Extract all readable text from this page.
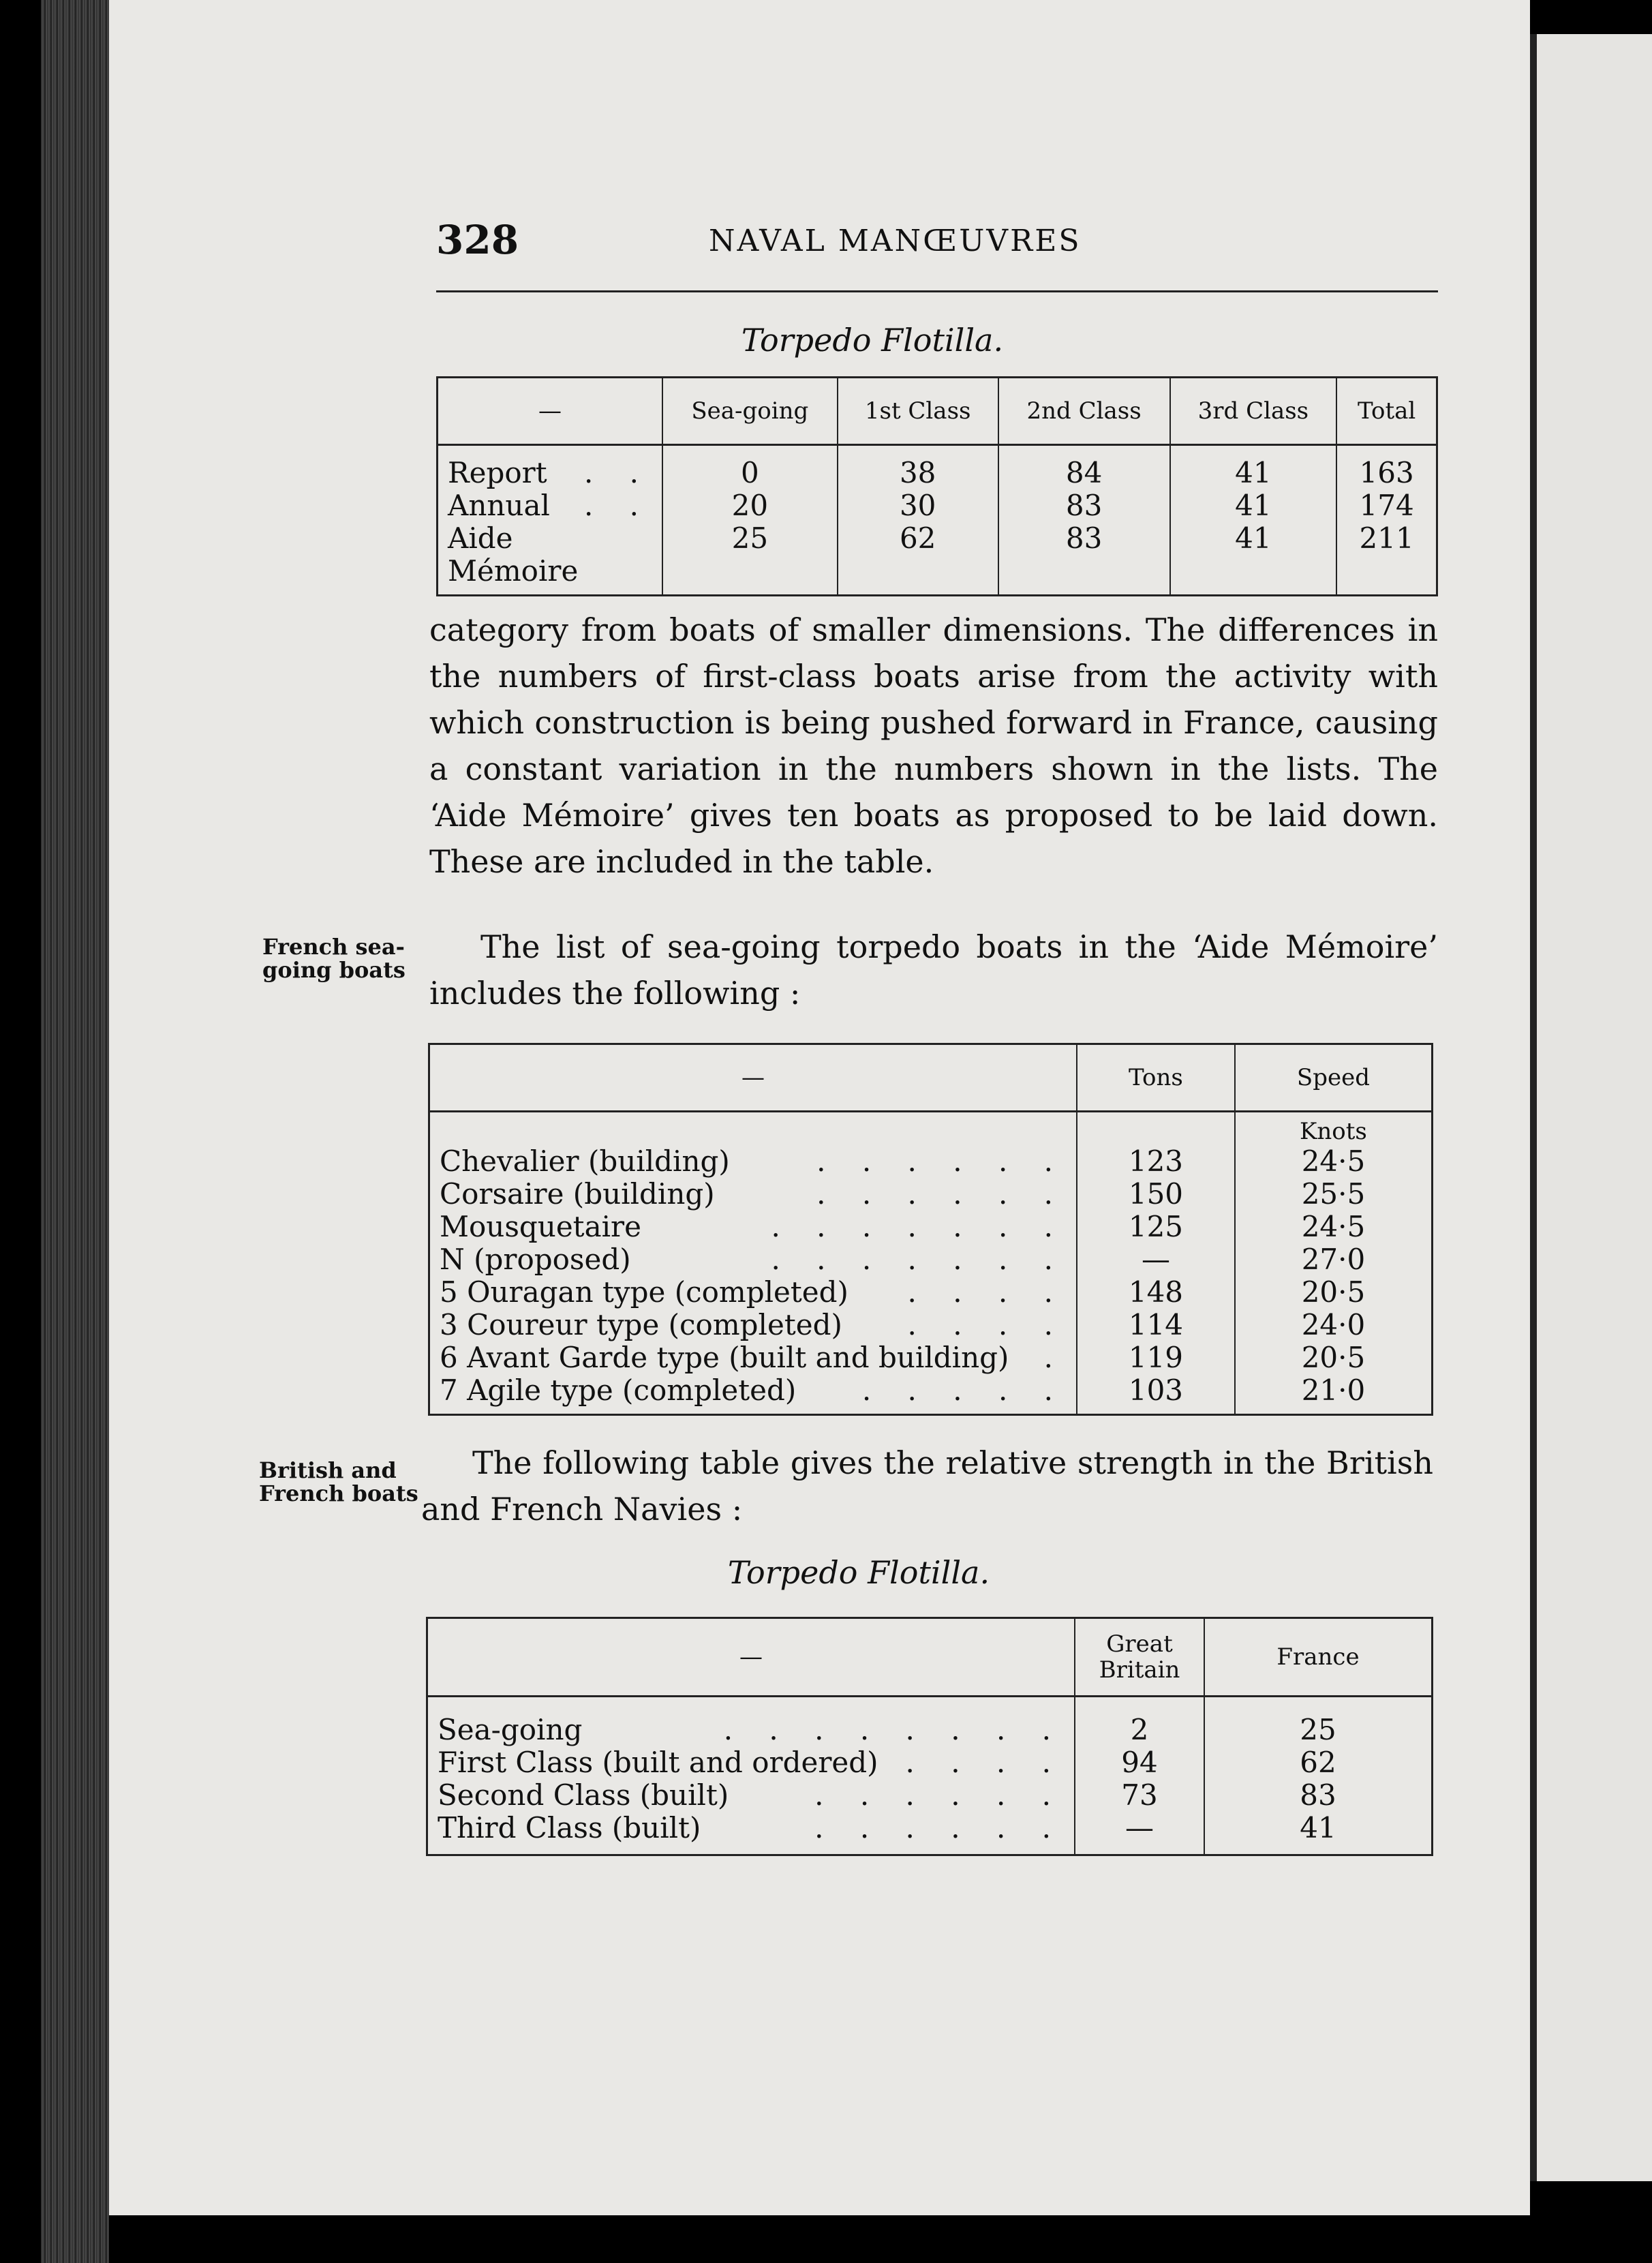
328	NAVAL MANŒUVRES
Torpedo Flotilla.
—	Sea-going	1st Class	2nd Class	3rd Class	Total

Report . .	0	38	84	41	163

Annual . .	20	30	83	41	174

Aide Mémoire	25	62	83	41	211

category from boats of smaller dimensions. The differences in the numbers of first-class boats arise from the activity with which construction is being pushed forward in France, causing a constant variation in the numbers shown in the lists. The ‘Aide Mémoire’ gives ten boats as proposed to be laid down. These are included in the table.

French sea-going boats

The list of sea-going torpedo boats in the ‘Aide Mémoire’ includes the following :

—	Tons	Speed
		Knots

Chevalier (building) . . . . . .	123	24·5

Corsaire (building) . . . . . .	150	25·5

Mousquetaire . . . . . . .	125	24·5

N (proposed) . . . . . . .	—	27·0

5 Ouragan type (completed) . . . .	148	20·5

3 Coureur type (completed) . . . .	114	24·0

6 Avant Garde type (built and building) .	119	20·5

7 Agile type (completed) . . . . .	103	21·0
British and French boats

The following table gives the relative strength in the British and French Navies :

Torpedo Flotilla.
—	Great Britain	France

Sea-going . . . . . . . .	2	25

First Class (built and ordered) . . . .	94	62

Second Class (built) . . . . . .	73	83

Third Class (built) . . . . . .	—	41
